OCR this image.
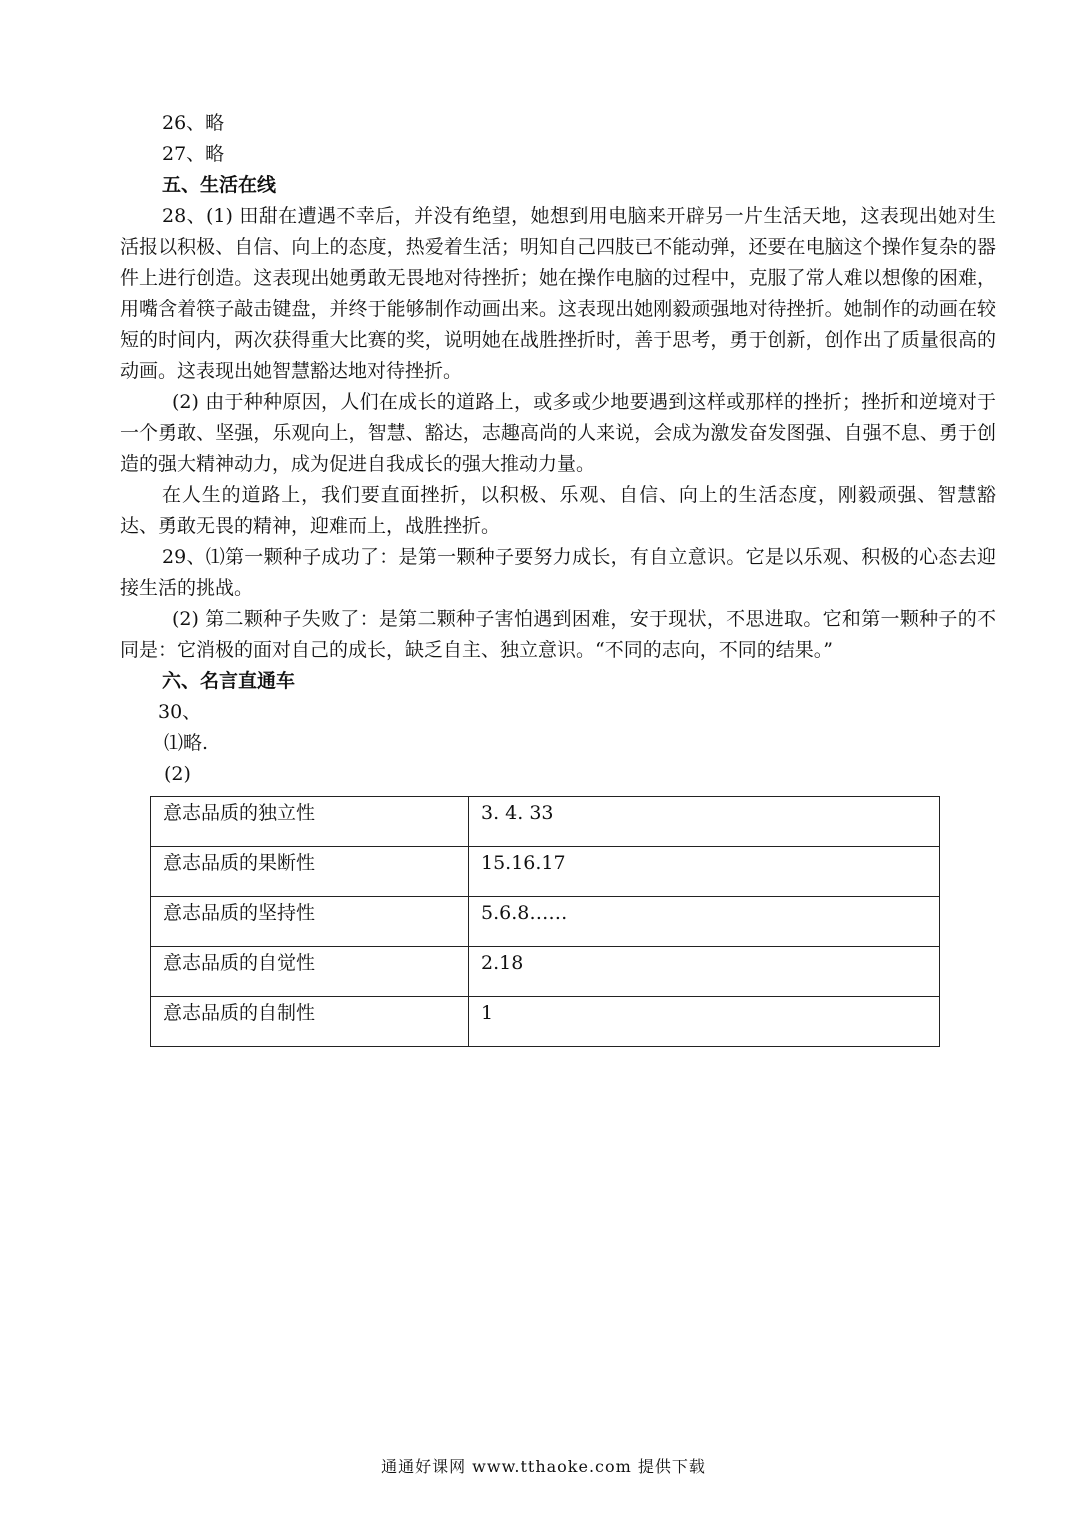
26、略

27、略

五、生活在线

28、(1) 田甜在遭遇不幸后，并没有绝望，她想到用电脑来开辟另一片生活天地，这表现出她对生活报以积极、自信、向上的态度，热爱着生活；明知自己四肢已不能动弹，还要在电脑这个操作复杂的器件上进行创造。这表现出她勇敢无畏地对待挫折；她在操作电脑的过程中，克服了常人难以想像的困难，用嘴含着筷子敲击键盘，并终于能够制作动画出来。这表现出她刚毅顽强地对待挫折。她制作的动画在较短的时间内，两次获得重大比赛的奖，说明她在战胜挫折时，善于思考，勇于创新，创作出了质量很高的动画。这表现出她智慧豁达地对待挫折。

(2) 由于种种原因，人们在成长的道路上，或多或少地要遇到这样或那样的挫折；挫折和逆境对于一个勇敢、坚强，乐观向上，智慧、豁达，志趣高尚的人来说，会成为激发奋发图强、自强不息、勇于创造的强大精神动力，成为促进自我成长的强大推动力量。

在人生的道路上，我们要直面挫折，以积极、乐观、自信、向上的生活态度，刚毅顽强、智慧豁达、勇敢无畏的精神，迎难而上，战胜挫折。

29、⑴第一颗种子成功了：是第一颗种子要努力成长，有自立意识。它是以乐观、积极的心态去迎接生活的挑战。

(2) 第二颗种子失败了：是第二颗种子害怕遇到困难，安于现状，不思进取。它和第一颗种子的不同是：它消极的面对自己的成长，缺乏自主、独立意识。“不同的志向，不同的结果。”

六、名言直通车

30、

⑴略.

(2)

意志品质的独立性	3. 4. 33
意志品质的果断性	15.16.17
意志品质的坚持性	5.6.8……
意志品质的自觉性	2.18
意志品质的自制性	1
通通好课网 www.tthaoke.com 提供下载
